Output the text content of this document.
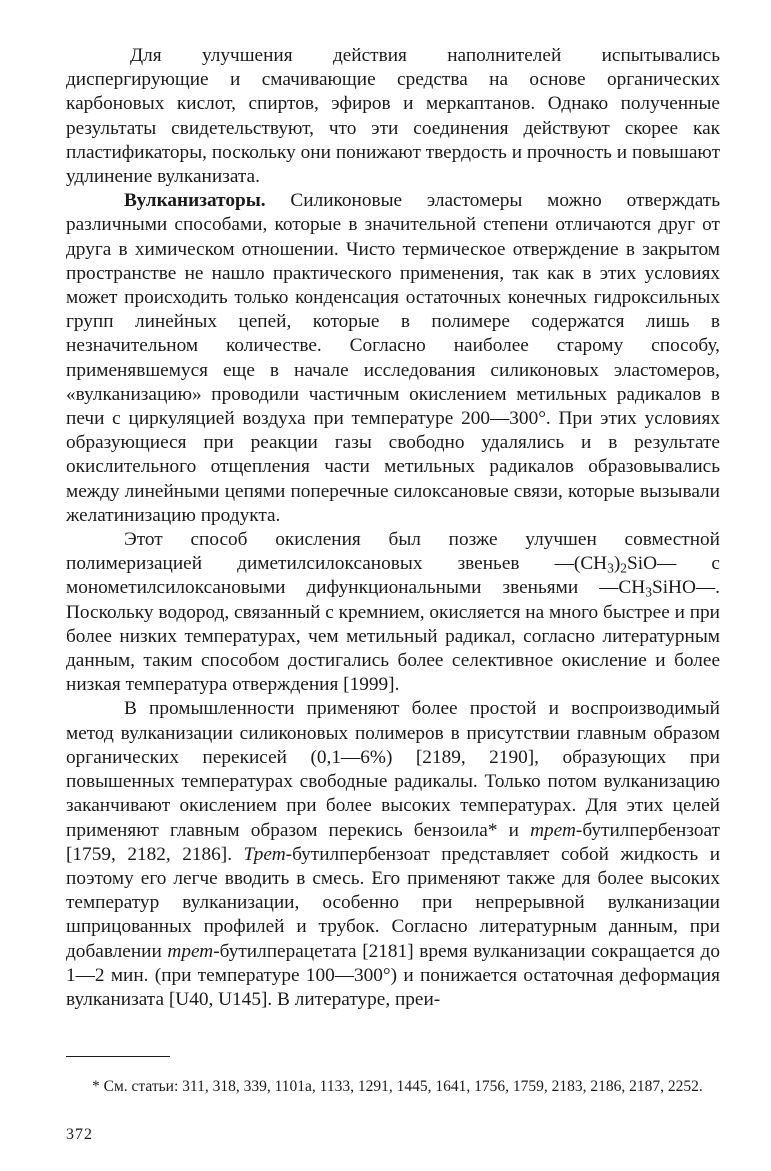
Для улучшения действия наполнителей испытывались диспергирующие и смачивающие средства на основе органических карбоновых кислот, спиртов, эфиров и меркаптанов. Однако полученные результаты свидетельствуют, что эти соединения действуют скорее как пластификаторы, поскольку они понижают твердость и прочность и повышают удлинение вулканизата.

Вулканизаторы. Силиконовые эластомеры можно отверждать различными способами, которые в значительной степени отличаются друг от друга в химическом отношении. Чисто термическое отверждение в закрытом пространстве не нашло практического применения, так как в этих условиях может происходить только конденсация остаточных конечных гидроксильных групп линейных цепей, которые в полимере содержатся лишь в незначительном количестве. Согласно наиболее старому способу, применявшемуся еще в начале исследования силиконовых эластомеров, «вулканизацию» проводили частичным окислением метильных радикалов в печи с циркуляцией воздуха при температуре 200—300°. При этих условиях образующиеся при реакции газы свободно удалялись и в результате окислительного отщепления части метильных радикалов образовывались между линейными цепями поперечные силоксановые связи, которые вызывали желатинизацию продукта.

Этот способ окисления был позже улучшен совместной полимеризацией диметилсилоксановых звеньев $—(CH_3)_2SiO—$ с монометилсилоксановыми дифункциональными звеньями $—CH_3SiHO—$. Поскольку водород, связанный с кремнием, окисляется на много быстрее и при более низких температурах, чем метильный радикал, согласно литературным данным, таким способом достигались более селективное окисление и более низкая температура отверждения [1999].

В промышленности применяют более простой и воспроизводимый метод вулканизации силиконовых полимеров в присутствии главным образом органических перекисей (0,1—6%) [2189, 2190], образующих при повышенных температурах свободные радикалы. Только потом вулканизацию заканчивают окислением при более высоких температурах. Для этих целей применяют главным образом перекись бензоила* и трет-бутилпербензоат [1759, 2182, 2186]. Трет-бутилпербензоат представляет собой жидкость и поэтому его легче вводить в смесь. Его применяют также для более высоких температур вулканизации, особенно при непрерывной вулканизации шприцованных профилей и трубок. Согласно литературным данным, при добавлении трет-бутилперацетата [2181] время вулканизации сокращается до 1—2 мин. (при температуре 100—300°) и понижается остаточная деформация вулканизата [U40, U145]. В литературе, преи-

* См. статьи: 311, 318, 339, 1101а, 1133, 1291, 1445, 1641, 1756, 1759, 2183, 2186, 2187, 2252.

372
